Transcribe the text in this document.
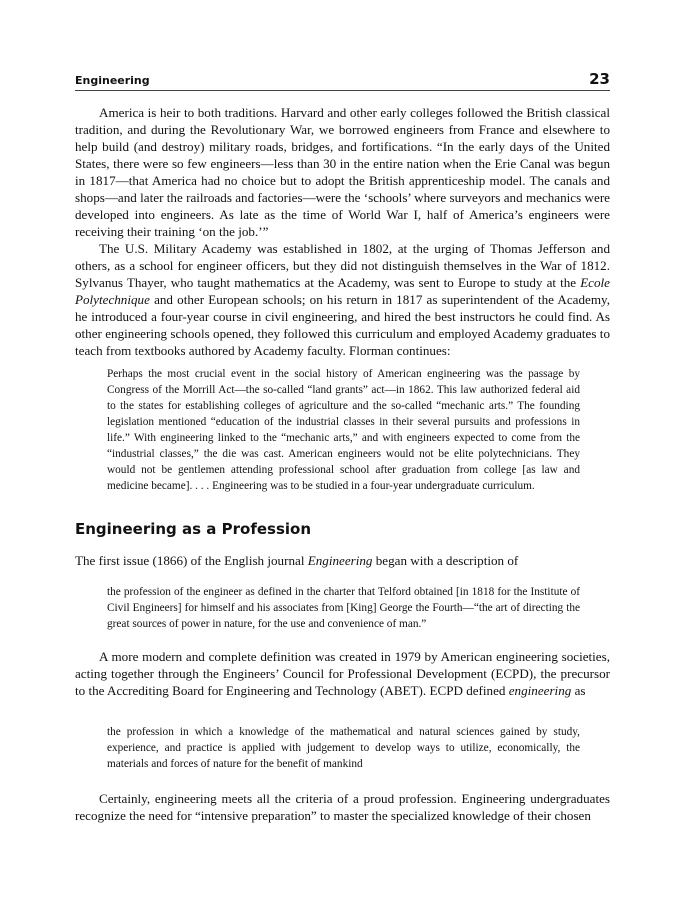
Engineering	23

America is heir to both traditions. Harvard and other early colleges followed the British classical tradition, and during the Revolutionary War, we borrowed engineers from France and elsewhere to help build (and destroy) military roads, bridges, and fortifications. “In the early days of the United States, there were so few engineers—less than 30 in the entire nation when the Erie Canal was begun in 1817—that America had no choice but to adopt the British apprenticeship model. The canals and shops—and later the railroads and factories—were the ‘schools’ where surveyors and mechanics were developed into engineers. As late as the time of World War I, half of America’s engineers were receiving their training ‘on the job.’”

The U.S. Military Academy was established in 1802, at the urging of Thomas Jefferson and others, as a school for engineer officers, but they did not distinguish themselves in the War of 1812. Sylvanus Thayer, who taught mathematics at the Academy, was sent to Europe to study at the Ecole Polytechnique and other European schools; on his return in 1817 as superintendent of the Academy, he introduced a four-year course in civil engineering, and hired the best instructors he could find. As other engineering schools opened, they followed this curriculum and employed Academy graduates to teach from textbooks authored by Academy faculty. Florman continues:

Perhaps the most crucial event in the social history of American engineering was the passage by Congress of the Morrill Act—the so-called “land grants” act—in 1862. This law authorized federal aid to the states for establishing colleges of agriculture and the so-called “mechanic arts.” The founding legislation mentioned “education of the industrial classes in their several pursuits and professions in life.” With engineering linked to the “mechanic arts,” and with engineers expected to come from the “industrial classes,” the die was cast. American engineers would not be elite polytechnicians. They would not be gentlemen attending professional school after graduation from college [as law and medicine became]. . . . Engineering was to be studied in a four-year undergraduate curriculum.

Engineering as a Profession

The first issue (1866) of the English journal Engineering began with a description of

the profession of the engineer as defined in the charter that Telford obtained [in 1818 for the Institute of Civil Engineers] for himself and his associates from [King] George the Fourth—“the art of directing the great sources of power in nature, for the use and convenience of man.”

A more modern and complete definition was created in 1979 by American engineering societies, acting together through the Engineers’ Council for Professional Development (ECPD), the precursor to the Accrediting Board for Engineering and Technology (ABET). ECPD defined engineering as

the profession in which a knowledge of the mathematical and natural sciences gained by study, experience, and practice is applied with judgement to develop ways to utilize, economically, the materials and forces of nature for the benefit of mankind

Certainly, engineering meets all the criteria of a proud profession. Engineering undergraduates recognize the need for “intensive preparation” to master the specialized knowledge of their chosen
